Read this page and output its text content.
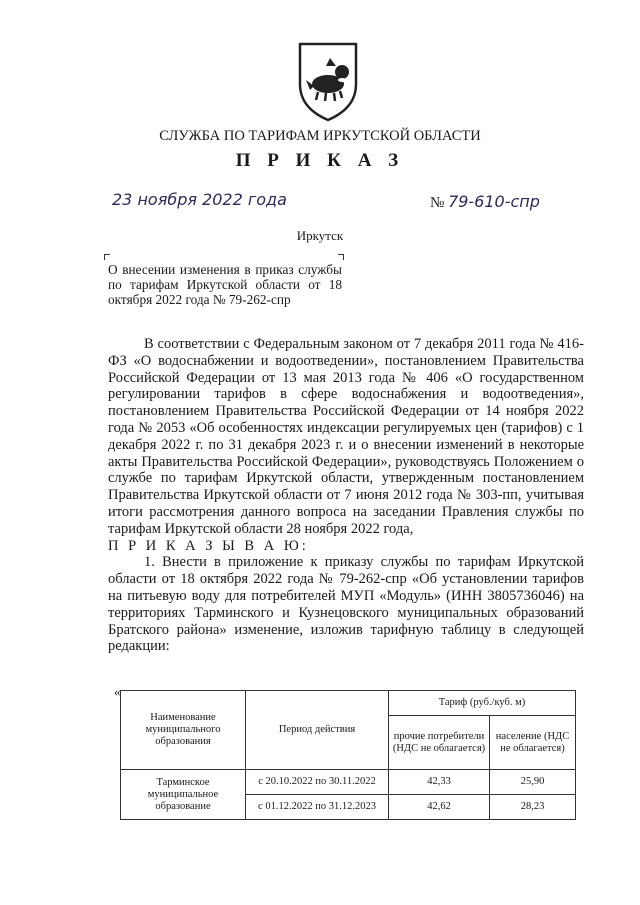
СЛУЖБА ПО ТАРИФАМ ИРКУТСКОЙ ОБЛАСТИ
П Р И К А З
23 ноября 2022 года	№ 79-610-спр
Иркутск
О внесении изменения в приказ службы по тарифам Иркутской области от 18 октября 2022 года № 79-262-спр

В соответствии с Федеральным законом от 7 декабря 2011 года № 416-ФЗ «О водоснабжении и водоотведении», постановлением Правительства Российской Федерации от 13 мая 2013 года № 406 «О государственном регулировании тарифов в сфере водоснабжения и водоотведения», постановлением Правительства Российской Федерации от 14 ноября 2022 года № 2053 «Об особенностях индексации регулируемых цен (тарифов) с 1 декабря 2022 г. по 31 декабря 2023 г. и о внесении изменений в некоторые акты Правительства Российской Федерации», руководствуясь Положением о службе по тарифам Иркутской области, утвержденным постановлением Правительства Иркутской области от 7 июня 2012 года № 303-пп, учитывая итоги рассмотрения данного вопроса на заседании Правления службы по тарифам Иркутской области 28 ноября 2022 года,

П Р И К А З Ы В А Ю:

1. Внести в приложение к приказу службы по тарифам Иркутской области от 18 октября 2022 года № 79-262-спр «Об установлении тарифов на питьевую воду для потребителей МУП «Модуль» (ИНН 3805736046) на территориях Тарминского и Кузнецовского муниципальных образований Братского района» изменение, изложив тарифную таблицу в следующей редакции:

«
Наименование муниципального образования	Период действия	Тариф (руб./куб. м)	
		прочие потребители (НДС не облагается)	население (НДС не облагается)
Тарминское муниципальное образование	с 20.10.2022 по 30.11.2022	42,33	25,90
	с 01.12.2022 по 31.12.2023	42,62	28,23
